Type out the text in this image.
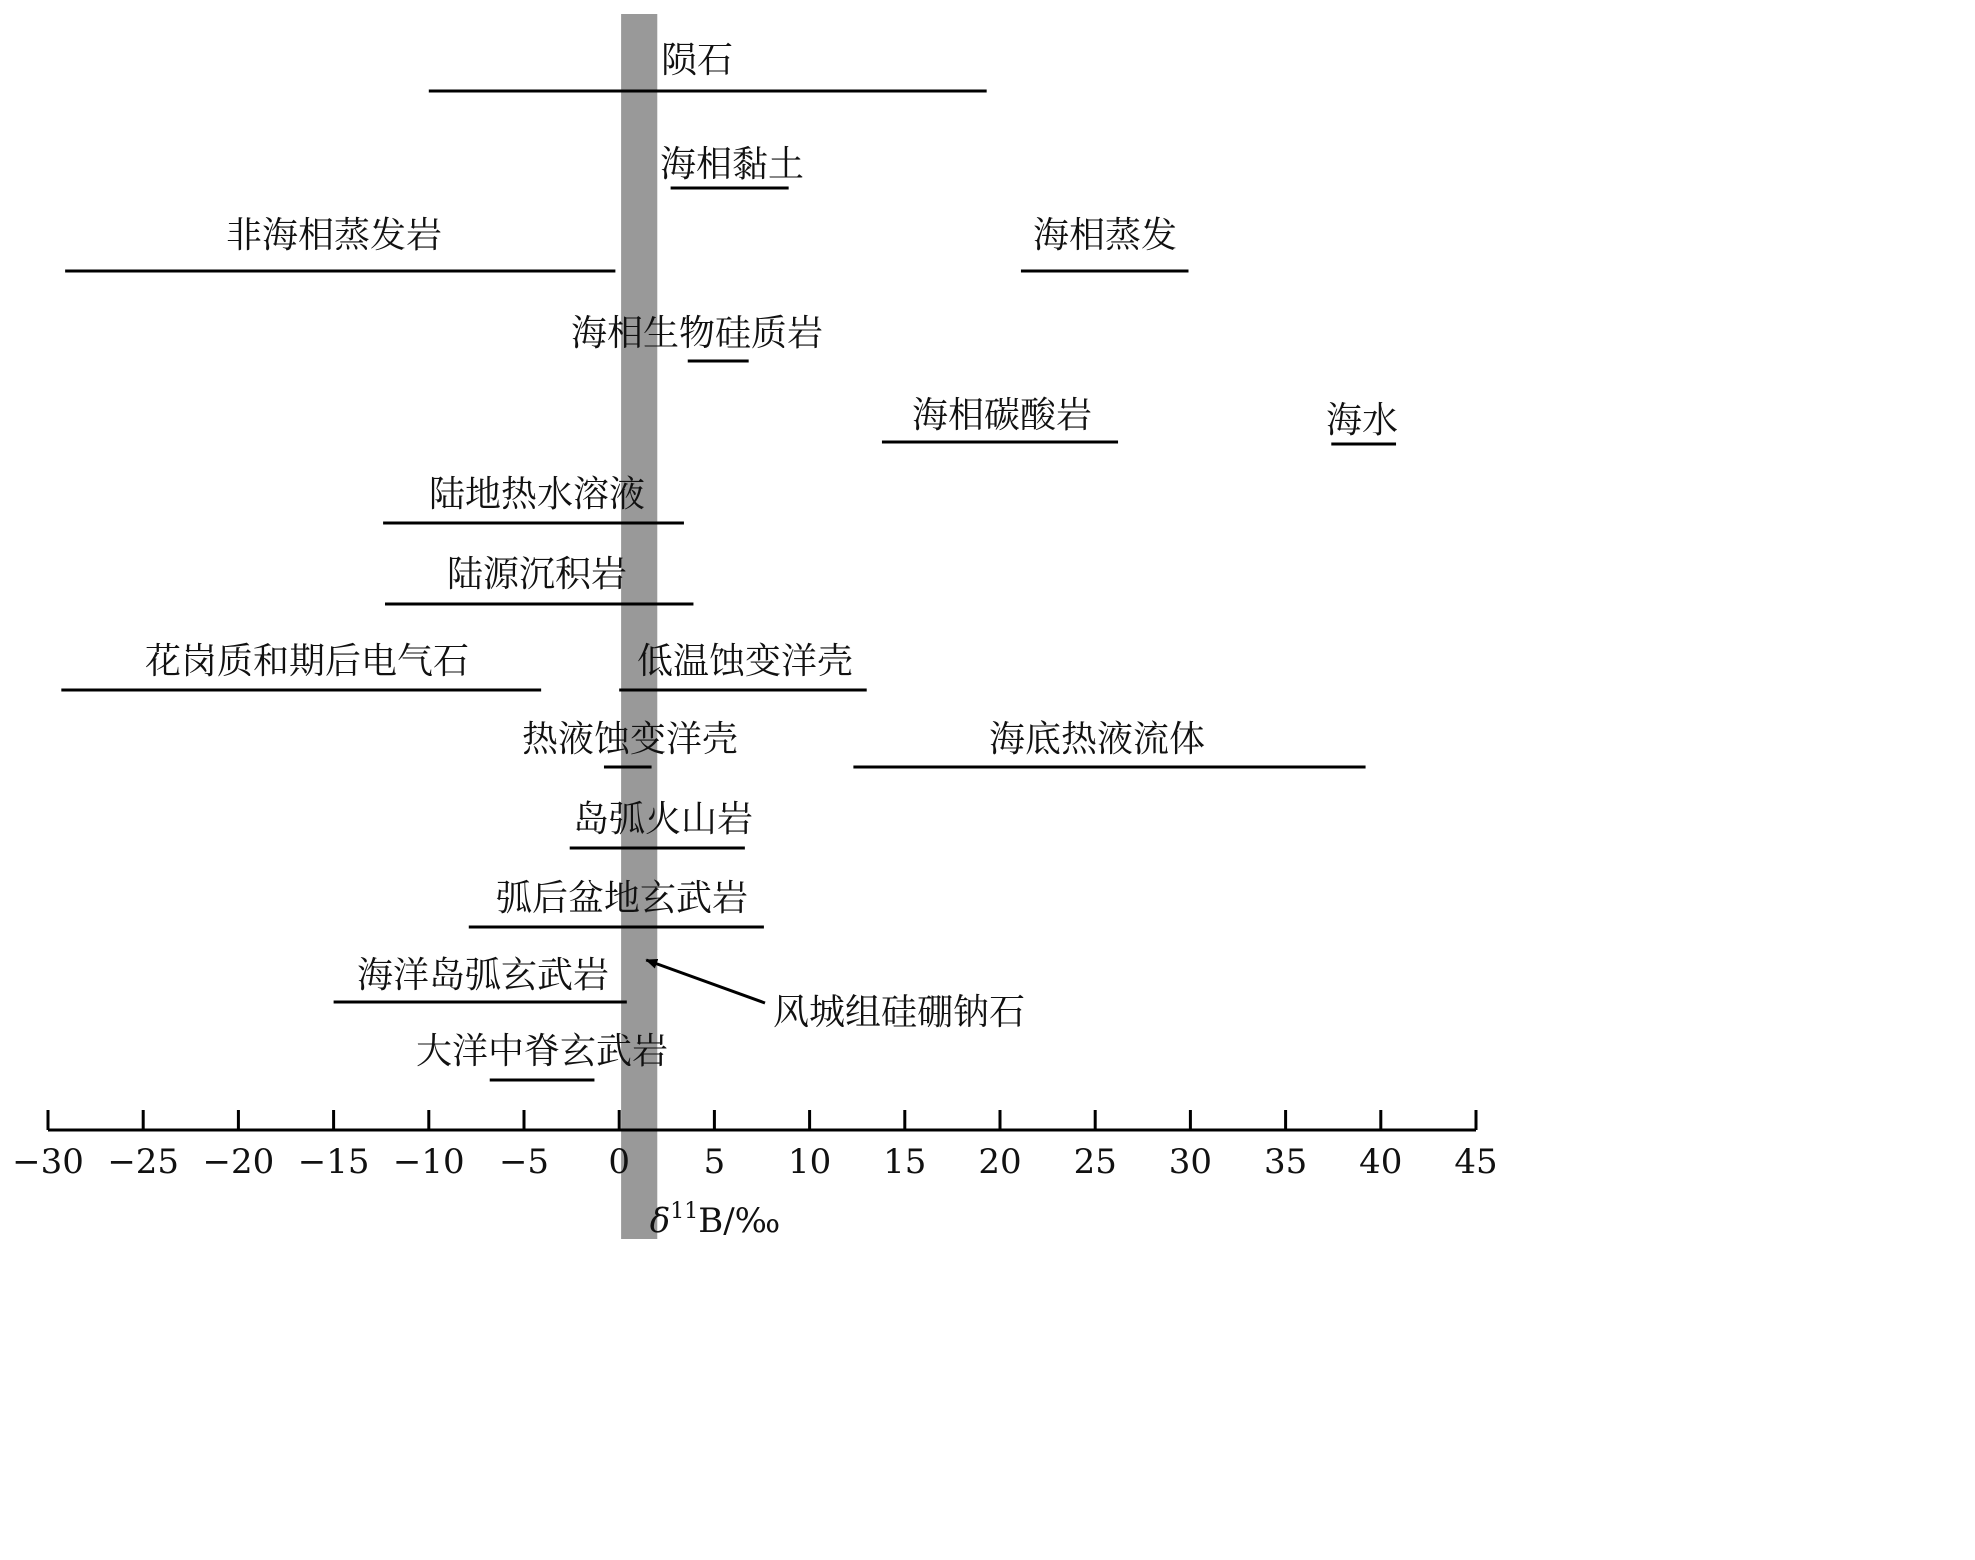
陨石
海相黏土
非海相蒸发岩	海相蒸发
海相生物硅质岩
海相碳酸岩	海水
陆地热水溶液
陆源沉积岩
花岗质和期后电气石	低温蚀变洋壳
热液蚀变洋壳	海底热液流体
岛弧火山岩
弧后盆地玄武岩
海洋岛弧玄武岩
大洋中脊玄武岩
−30 −25 −20 −15 −10 −5 0 5 10 15 20 25 30 35 40 45
$\delta^{11}B/‰$
风城组硅硼钠石
